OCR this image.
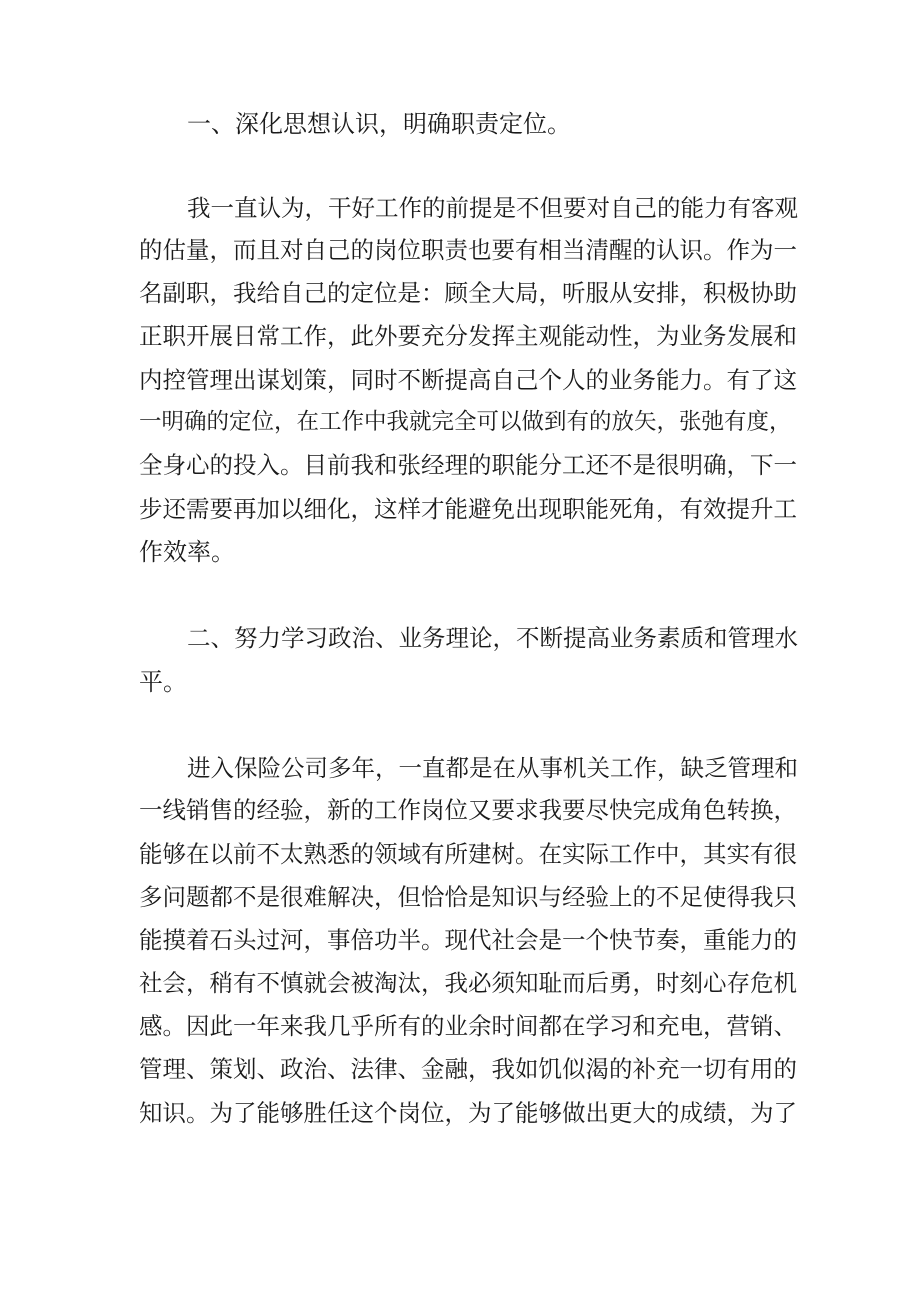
一、深化思想认识，明确职责定位。

我一直认为，干好工作的前提是不但要对自己的能力有客观

的估量，而且对自己的岗位职责也要有相当清醒的认识。作为一

名副职，我给自己的定位是：顾全大局，听服从安排，积极协助

正职开展日常工作，此外要充分发挥主观能动性，为业务发展和

内控管理出谋划策，同时不断提高自己个人的业务能力。有了这

一明确的定位，在工作中我就完全可以做到有的放矢，张弛有度，

全身心的投入。目前我和张经理的职能分工还不是很明确，下一

步还需要再加以细化，这样才能避免出现职能死角，有效提升工

作效率。

二、努力学习政治、业务理论，不断提高业务素质和管理水

平。

进入保险公司多年，一直都是在从事机关工作，缺乏管理和

一线销售的经验，新的工作岗位又要求我要尽快完成角色转换，

能够在以前不太熟悉的领域有所建树。在实际工作中，其实有很

多问题都不是很难解决，但恰恰是知识与经验上的不足使得我只

能摸着石头过河，事倍功半。现代社会是一个快节奏，重能力的

社会，稍有不慎就会被淘汰，我必须知耻而后勇，时刻心存危机

感。因此一年来我几乎所有的业余时间都在学习和充电，营销、

管理、策划、政治、法律、金融，我如饥似渴的补充一切有用的

知识。为了能够胜任这个岗位，为了能够做出更大的成绩，为了
